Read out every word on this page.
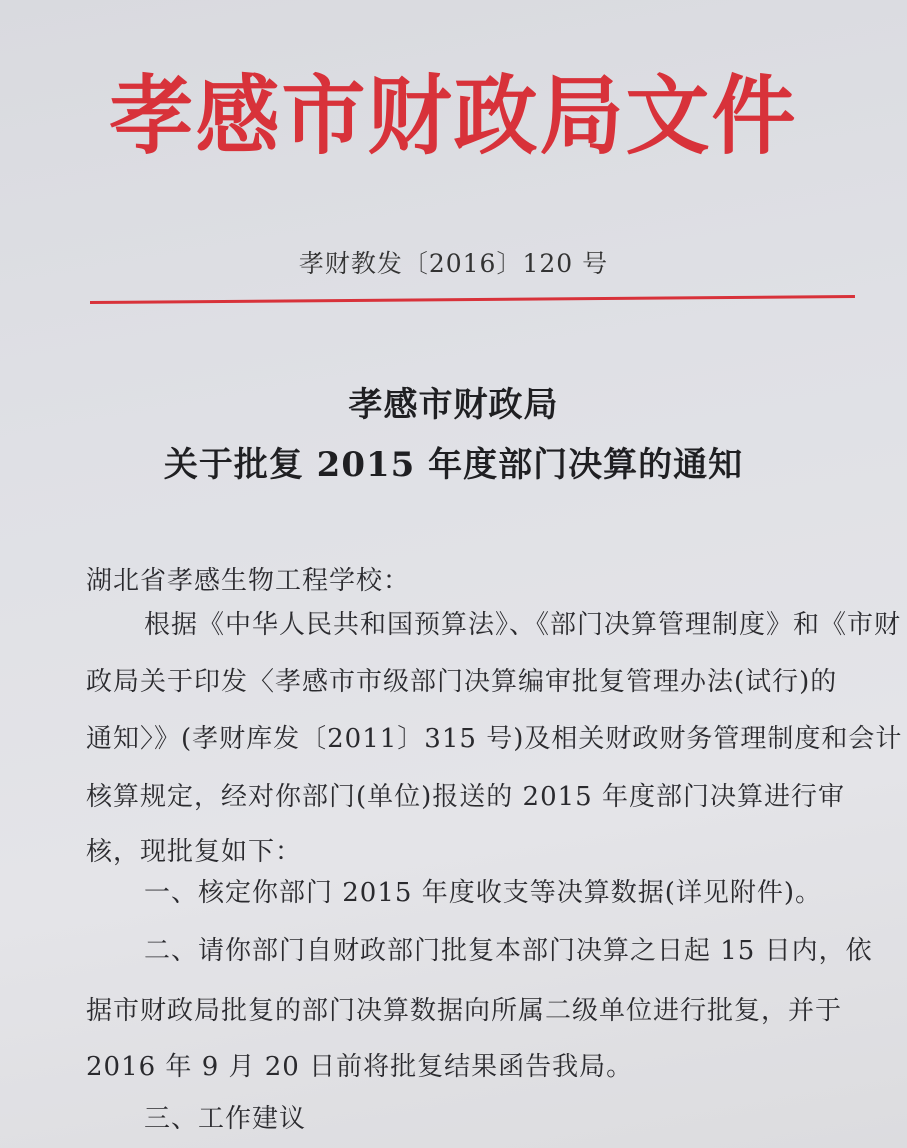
孝感市财政局文件
孝财教发〔2016〕120 号
孝感市财政局
关于批复 2015 年度部门决算的通知
湖北省孝感生物工程学校：
根据《中华人民共和国预算法》、《部门决算管理制度》和《市财
政局关于印发〈孝感市市级部门决算编审批复管理办法(试行)的
通知〉》(孝财库发〔2011〕315 号)及相关财政财务管理制度和会计
核算规定，经对你部门(单位)报送的 2015 年度部门决算进行审
核，现批复如下：
一、核定你部门 2015 年度收支等决算数据(详见附件)。
二、请你部门自财政部门批复本部门决算之日起 15 日内，依
据市财政局批复的部门决算数据向所属二级单位进行批复，并于
2016 年 9 月 20 日前将批复结果函告我局。
三、工作建议
